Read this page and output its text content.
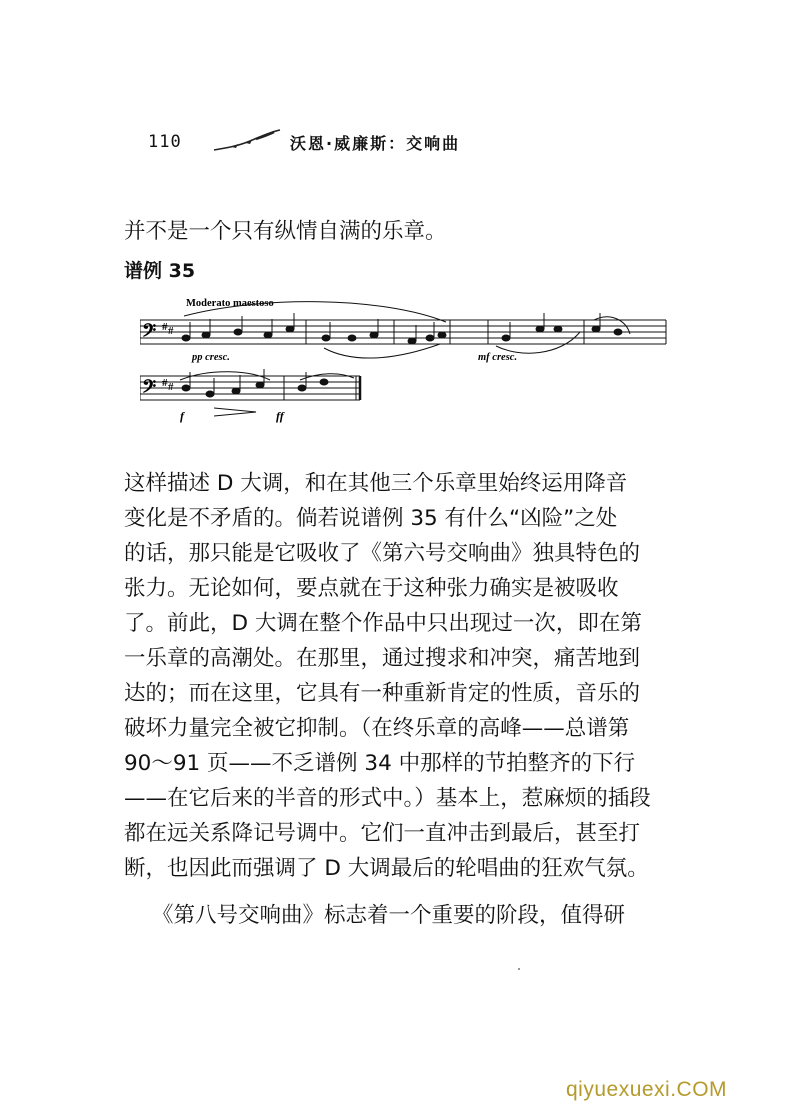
110	沃恩·威廉斯：交响曲
并不是一个只有纵情自满的乐章。
谱例 35
Moderato maestoso
𝄢 # #
pp cresc.	mf cresc.
𝄢 # #
f	ff
这样描述 D 大调，和在其他三个乐章里始终运用降音
变化是不矛盾的。倘若说谱例 35 有什么“凶险”之处
的话，那只能是它吸收了《第六号交响曲》独具特色的
张力。无论如何，要点就在于这种张力确实是被吸收
了。前此，D 大调在整个作品中只出现过一次，即在第
一乐章的高潮处。在那里，通过搜求和冲突，痛苦地到
达的；而在这里，它具有一种重新肯定的性质，音乐的
破坏力量完全被它抑制。（在终乐章的高峰——总谱第
90～91 页——不乏谱例 34 中那样的节拍整齐的下行
——在它后来的半音的形式中。）基本上，惹麻烦的插段
都在远关系降记号调中。它们一直冲击到最后，甚至打
断，也因此而强调了 D 大调最后的轮唱曲的狂欢气氛。
《第八号交响曲》标志着一个重要的阶段，值得研
qiyuexuexi.COM
